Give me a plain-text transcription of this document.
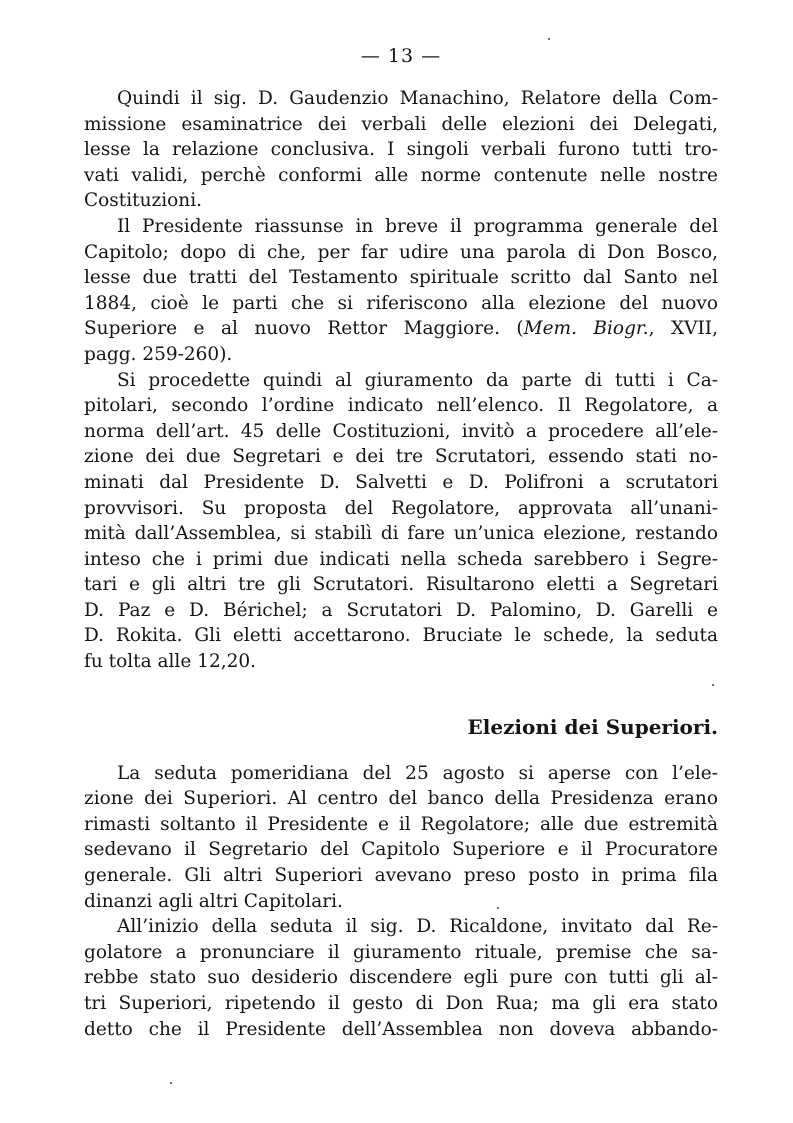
— 13 —

Quindi il sig. D. Gaudenzio Manachino, Relatore della Com-
missione esaminatrice dei verbali delle elezioni dei Delegati,
lesse la relazione conclusiva. I singoli verbali furono tutti tro-
vati validi, perchè conformi alle norme contenute nelle nostre
Costituzioni.

Il Presidente riassunse in breve il programma generale del
Capitolo; dopo di che, per far udire una parola di Don Bosco,
lesse due tratti del Testamento spirituale scritto dal Santo nel
1884, cioè le parti che si riferiscono alla elezione del nuovo
Superiore e al nuovo Rettor Maggiore. (Mem. Biogr., XVII,
pagg. 259-260).

Si procedette quindi al giuramento da parte di tutti i Ca-
pitolari, secondo l’ordine indicato nell’elenco. Il Regolatore, a
norma dell’art. 45 delle Costituzioni, invitò a procedere all’ele-
zione dei due Segretari e dei tre Scrutatori, essendo stati no-
minati dal Presidente D. Salvetti e D. Polifroni a scrutatori
provvisori. Su proposta del Regolatore, approvata all’unani-
mità dall’Assemblea, si stabilì di fare un’unica elezione, restando
inteso che i primi due indicati nella scheda sarebbero i Segre-
tari e gli altri tre gli Scrutatori. Risultarono eletti a Segretari
D. Paz e D. Bérichel; a Scrutatori D. Palomino, D. Garelli e
D. Rokita. Gli eletti accettarono. Bruciate le schede, la seduta
fu tolta alle 12,20.

Elezioni dei Superiori.

La seduta pomeridiana del 25 agosto si aperse con l’ele-
zione dei Superiori. Al centro del banco della Presidenza erano
rimasti soltanto il Presidente e il Regolatore; alle due estremità
sedevano il Segretario del Capitolo Superiore e il Procuratore
generale. Gli altri Superiori avevano preso posto in prima fila
dinanzi agli altri Capitolari.

All’inizio della seduta il sig. D. Ricaldone, invitato dal Re-
golatore a pronunciare il giuramento rituale, premise che sa-
rebbe stato suo desiderio discendere egli pure con tutti gli al-
tri Superiori, ripetendo il gesto di Don Rua; ma gli era stato
detto che il Presidente dell’Assemblea non doveva abbando-
